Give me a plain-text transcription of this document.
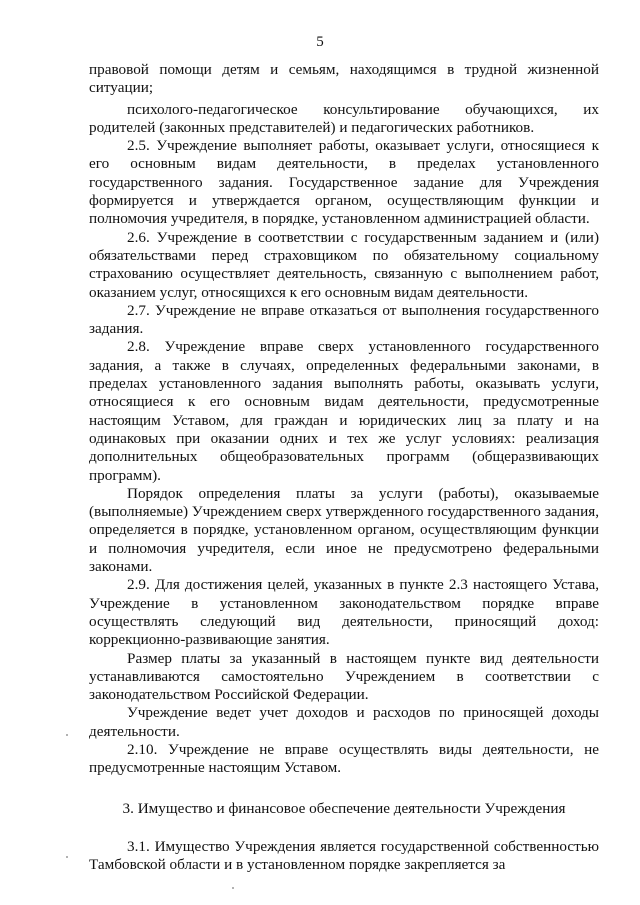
5

правовой помощи детям и семьям, находящимся в трудной жизненной ситуации;

психолого-педагогическое консультирование обучающихся, их родителей (законных представителей) и педагогических работников.

2.5. Учреждение выполняет работы, оказывает услуги, относящиеся к его основным видам деятельности, в пределах установленного государственного задания. Государственное задание для Учреждения формируется и утверждается органом, осуществляющим функции и полномочия учредителя, в порядке, установленном администрацией области.

2.6. Учреждение в соответствии с государственным заданием и (или) обязательствами перед страховщиком по обязательному социальному страхованию осуществляет деятельность, связанную с выполнением работ, оказанием услуг, относящихся к его основным видам деятельности.

2.7. Учреждение не вправе отказаться от выполнения государственного задания.

2.8. Учреждение вправе сверх установленного государственного задания, а также в случаях, определенных федеральными законами, в пределах установленного задания выполнять работы, оказывать услуги, относящиеся к его основным видам деятельности, предусмотренные настоящим Уставом, для граждан и юридических лиц за плату и на одинаковых при оказании одних и тех же услуг условиях: реализация дополнительных общеобразовательных программ (общеразвивающих программ).

Порядок определения платы за услуги (работы), оказываемые (выполняемые) Учреждением сверх утвержденного государственного задания, определяется в порядке, установленном органом, осуществляющим функции и полномочия учредителя, если иное не предусмотрено федеральными законами.

2.9. Для достижения целей, указанных в пункте 2.3 настоящего Устава, Учреждение в установленном законодательством порядке вправе осуществлять следующий вид деятельности, приносящий доход: коррекционно-развивающие занятия.

Размер платы за указанный в настоящем пункте вид деятельности устанавливаются самостоятельно Учреждением в соответствии с законодательством Российской Федерации.

Учреждение ведет учет доходов и расходов по приносящей доходы деятельности.

2.10. Учреждение не вправе осуществлять виды деятельности, не предусмотренные настоящим Уставом.

3. Имущество и финансовое обеспечение деятельности Учреждения

3.1. Имущество Учреждения является государственной собственностью Тамбовской области и в установленном порядке закрепляется за
